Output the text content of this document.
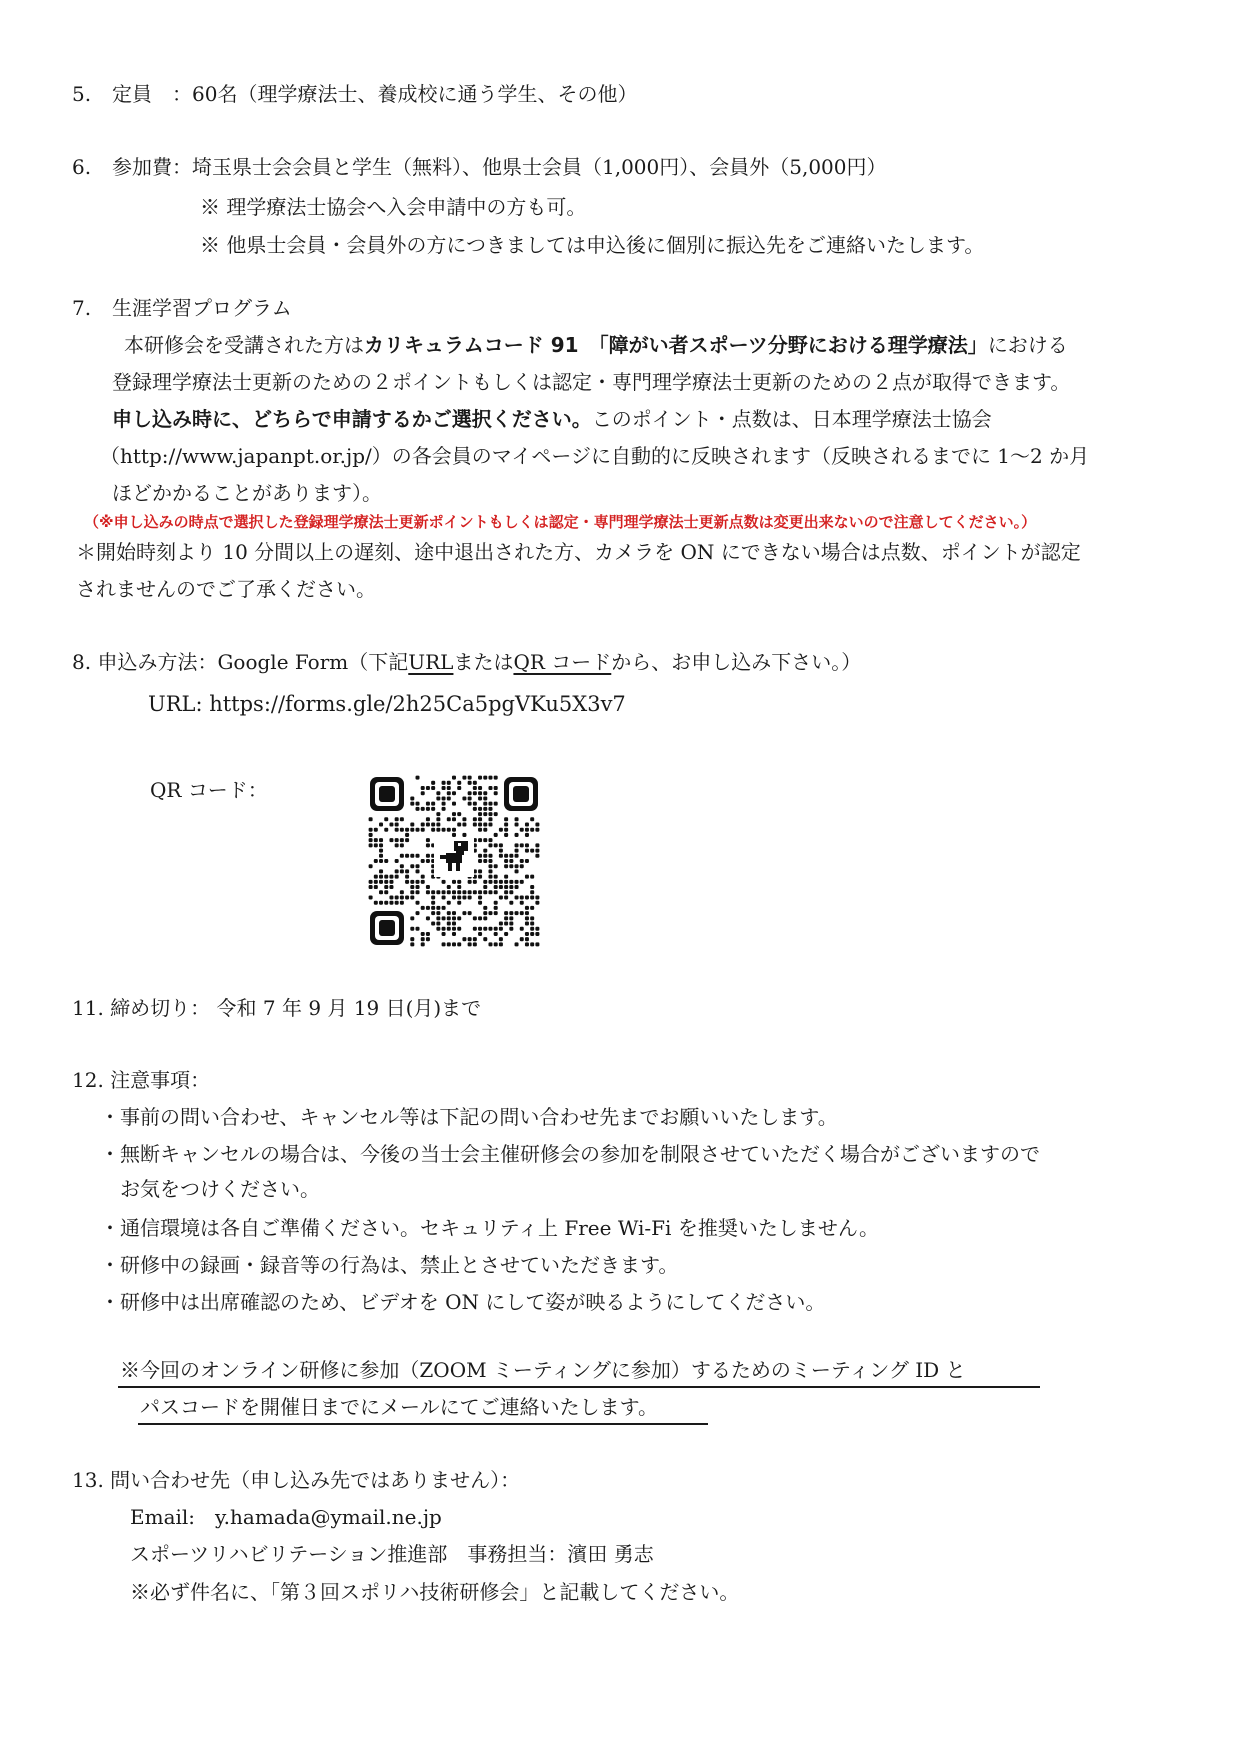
5. 定員　：60名（理学療法士、養成校に通う学生、その他）
6. 参加費：埼玉県士会会員と学生（無料）、他県士会員（1,000円）、会員外（5,000円）
※ 理学療法士協会へ入会申請中の方も可。
※ 他県士会員・会員外の方につきましては申込後に個別に振込先をご連絡いたします。
7. 生涯学習プログラム
本研修会を受講された方はカリキュラムコード 91　「障がい者スポーツ分野における理学療法」における
登録理学療法士更新のための２ポイントもしくは認定・専門理学療法士更新のための２点が取得できます。
申し込み時に、どちらで申請するかご選択ください。このポイント・点数は、日本理学療法士協会
（http://www.japanpt.or.jp/）の各会員のマイページに自動的に反映されます（反映されるまでに 1〜2 か月
ほどかかることがあります）。
（※申し込みの時点で選択した登録理学療法士更新ポイントもしくは認定・専門理学療法士更新点数は変更出来ないので注意してください。）
＊開始時刻より 10 分間以上の遅刻、途中退出された方、カメラを ON にできない場合は点数、ポイントが認定
されませんのでご了承ください。
8. 申込み方法：Google Form（下記URLまたはQR コードから、お申し込み下さい。）
URL: https://forms.gle/2h25Ca5pgVKu5X3v7
QR コード：
11. 締め切り： 令和 7 年 9 月 19 日(月)まで
12. 注意事項：
・事前の問い合わせ、キャンセル等は下記の問い合わせ先までお願いいたします。
・無断キャンセルの場合は、今後の当士会主催研修会の参加を制限させていただく場合がございますので
お気をつけください。
・通信環境は各自ご準備ください。セキュリティ上 Free Wi-Fi を推奨いたしません。
・研修中の録画・録音等の行為は、禁止とさせていただきます。
・研修中は出席確認のため、ビデオを ON にして姿が映るようにしてください。
※今回のオンライン研修に参加（ZOOM ミーティングに参加）するためのミーティング ID と
パスコードを開催日までにメールにてご連絡いたします。
13. 問い合わせ先（申し込み先ではありません）：
Email:　y.hamada@ymail.ne.jp
スポーツリハビリテーション推進部　事務担当：濱田 勇志
※必ず件名に、「第３回スポリハ技術研修会」と記載してください。
